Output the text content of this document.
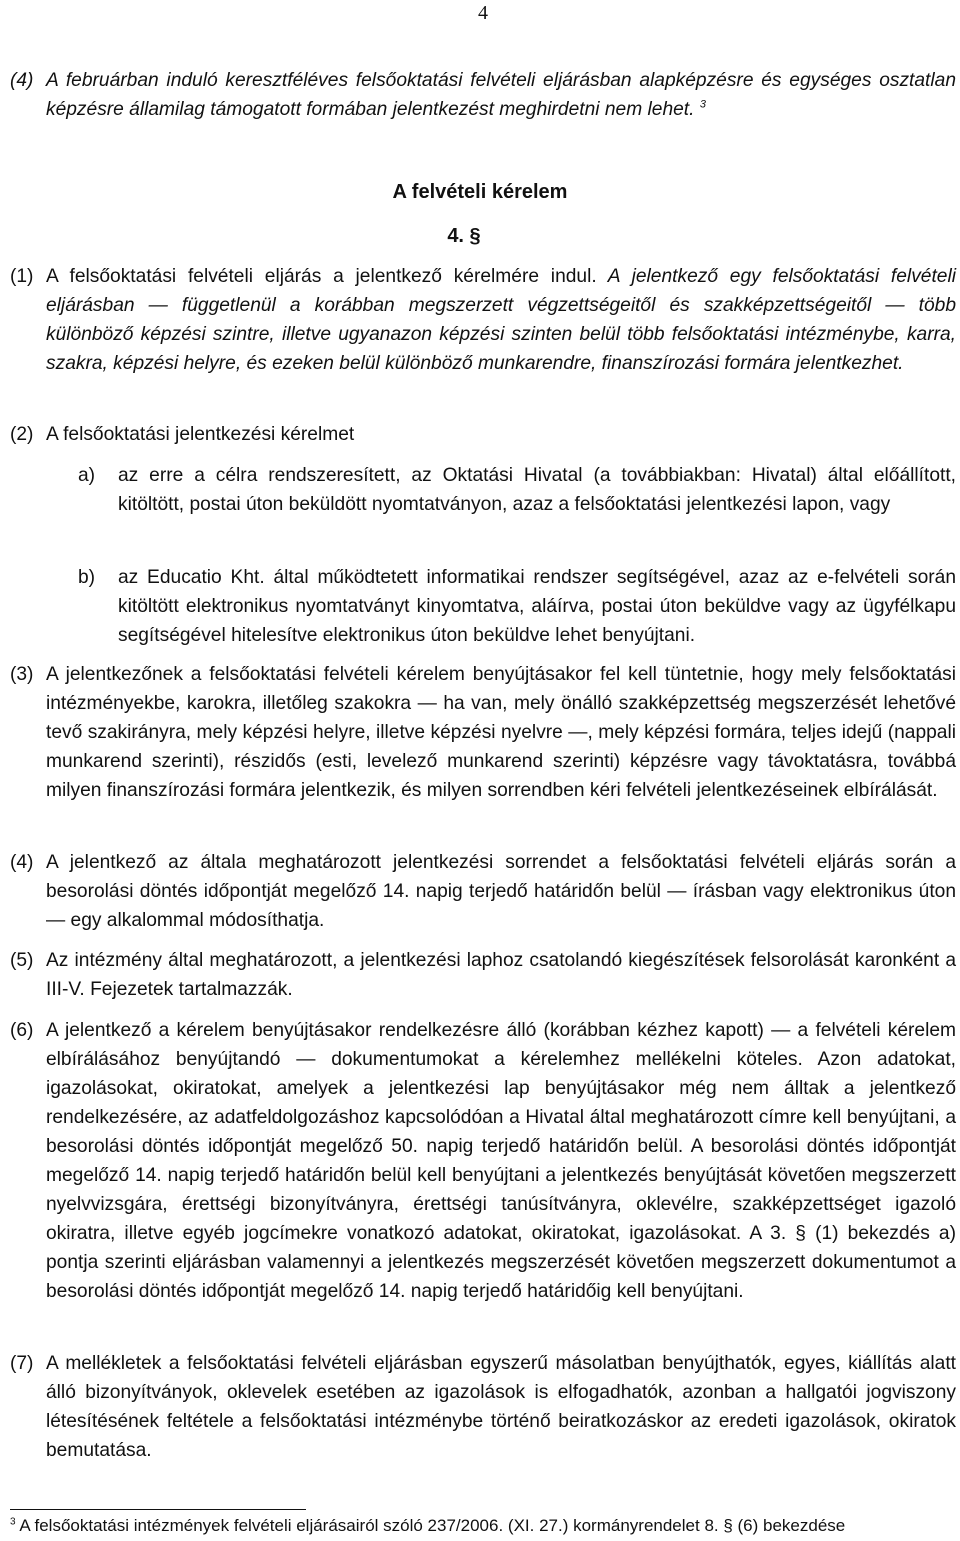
4
(4) A februárban induló keresztféléves felsőoktatási felvételi eljárásban alapképzésre és egységes osztatlan képzésre államilag támogatott formában jelentkezést meghirdetni nem lehet. $^3$
A felvételi kérelem
4. §
(1) A felsőoktatási felvételi eljárás a jelentkező kérelmére indul. A jelentkező egy felsőoktatási felvételi eljárásban — függetlenül a korábban megszerzett végzettségeitől és szakképzettségeitől — több különböző képzési szintre, illetve ugyanazon képzési szinten belül több felsőoktatási intézménybe, karra, szakra, képzési helyre, és ezeken belül különböző munkarendre, finanszírozási formára jelentkezhet.
(2) A felsőoktatási jelentkezési kérelmet
a)	az erre a célra rendszeresített, az Oktatási Hivatal (a továbbiakban: Hivatal) által előállított, kitöltött, postai úton beküldött nyomtatványon, azaz a felsőoktatási jelentkezési lapon, vagy
b)	az Educatio Kht. által működtetett informatikai rendszer segítségével, azaz az e-felvételi során kitöltött elektronikus nyomtatványt kinyomtatva, aláírva, postai úton beküldve vagy az ügyfélkapu segítségével hitelesítve elektronikus úton beküldve lehet benyújtani.
(3) A jelentkezőnek a felsőoktatási felvételi kérelem benyújtásakor fel kell tüntetnie, hogy mely felsőoktatási intézményekbe, karokra, illetőleg szakokra — ha van, mely önálló szakképzettség megszerzését lehetővé tevő szakirányra, mely képzési helyre, illetve képzési nyelvre —, mely képzési formára, teljes idejű (nappali munkarend szerinti), részidős (esti, levelező munkarend szerinti) képzésre vagy távoktatásra, továbbá milyen finanszírozási formára jelentkezik, és milyen sorrendben kéri felvételi jelentkezéseinek elbírálását.
(4) A jelentkező az általa meghatározott jelentkezési sorrendet a felsőoktatási felvételi eljárás során a besorolási döntés időpontját megelőző 14. napig terjedő határidőn belül — írásban vagy elektronikus úton — egy alkalommal módosíthatja.
(5) Az intézmény által meghatározott, a jelentkezési laphoz csatolandó kiegészítések felsorolását karonként a III-V. Fejezetek tartalmazzák.
(6) A jelentkező a kérelem benyújtásakor rendelkezésre álló (korábban kézhez kapott) — a felvételi kérelem elbírálásához benyújtandó — dokumentumokat a kérelemhez mellékelni köteles. Azon adatokat, igazolásokat, okiratokat, amelyek a jelentkezési lap benyújtásakor még nem álltak a jelentkező rendelkezésére, az adatfeldolgozáshoz kapcsolódóan a Hivatal által meghatározott címre kell benyújtani, a besorolási döntés időpontját megelőző 50. napig terjedő határidőn belül. A besorolási döntés időpontját megelőző 14. napig terjedő határidőn belül kell benyújtani a jelentkezés benyújtását követően megszerzett nyelvvizsgára, érettségi bizonyítványra, érettségi tanúsítványra, oklevélre, szakképzettséget igazoló okiratra, illetve egyéb jogcímekre vonatkozó adatokat, okiratokat, igazolásokat. A 3. § (1) bekezdés a) pontja szerinti eljárásban valamennyi a jelentkezés megszerzését követően megszerzett dokumentumot a besorolási döntés időpontját megelőző 14. napig terjedő határidőig kell benyújtani.
(7) A mellékletek a felsőoktatási felvételi eljárásban egyszerű másolatban benyújthatók, egyes, kiállítás alatt álló bizonyítványok, oklevelek esetében az igazolások is elfogadhatók, azonban a hallgatói jogviszony létesítésének feltétele a felsőoktatási intézménybe történő beiratkozáskor az eredeti igazolások, okiratok bemutatása.
$^3$ A felsőoktatási intézmények felvételi eljárásairól szóló 237/2006. (XI. 27.) kormányrendelet 8. § (6) bekezdése
